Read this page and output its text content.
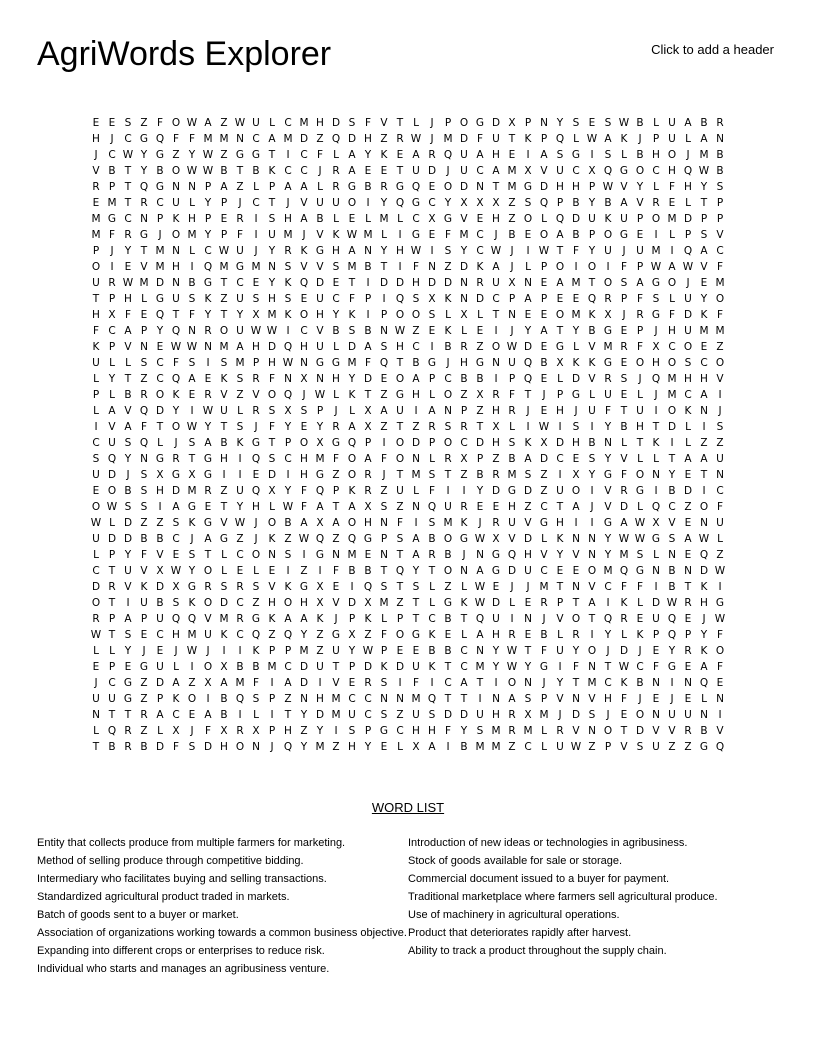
AgriWords Explorer	Click to add a header
E E S Z F O W A Z W U L C M H D S F V T L	J	P O G D X P N Y S E S W B L U A B R
H J	C G Q F F M M N C A M D Z Q D H Z R W J M D F U T K P Q L W A K	J	P U L A N
J	C W Y G Z Y W Z G G T	I	C F L A Y K E A R Q U A H E	I	A S G I	S L B H O J M B
V B T Y B O W W B T B K C C	J	R A E E T U D J	U C A M X V U C X Q G O C H Q W B
R P T Q G N N P A Z L P A A L R G B R G Q E O D N T M G D H H P W V Y L F H Y S
E M T R C U L Y P	J	C T	J	V U U O I	Y Q G C Y X X X Z S Q P B Y B A V R E L T P
M G C N P K H P E R	I	S H A B L E L M L C X G V E H Z O L Q D U K U P O M D P P
M F R G J O M Y P F	I	U M J	V K W M L	I G E F M C	J	B E O A B P O G E	I	L P S V
P	J	Y T M N L C W U	J	Y R K G H A N Y H W I	S Y C W J	I W T F Y U	J	U M I Q A C
O I	E V M H I Q M G M N S V V S M B T	I	F N Z D K A	J	L P O I O I	F P W A W V F
U R W M D N B G T C E Y K Q D E T	I D D H D D N R U X N E A M T O S A G O J	E M
T P H L G U S K Z U S H S E U C F P	I Q S X K N D C P A P E E Q R P F S L U Y O
H X F E Q T F Y T Y X M K O H Y K	I	P O O S L X L T N E E O M K X	J	R G F D K F
F C A P Y Q N R O U W W I	C V B S B N W Z E K L E	I	J	Y A T Y B G E P	J	H U M M
K P V N E W W N M A H D Q H U L D A S H C	I	B R Z O W D E G L V M R F X C O E Z
U L L S C F S	I	S M P H W N G G M F Q T B G J	H G N U Q B X K K G E O H O S C O
L Y T Z C Q A E K S R F N X N H Y D E O A P C B B	I	P Q E L D V R S	J Q M H H V
P L B R O K E R V Z V O Q J W L K T Z G H L O Z X R F T	J	P G L U E L	J M C A	I
L A V Q D Y	I W U L R S X S P	J	L X A U	I	A N P Z H R	J	E H J	U F T U	I O K N	J
I	V A F T O W Y T S	J	F Y E Y R A X Z T Z R S R T X L	I W I	S	I	Y B H T D L	I	S
C U S Q L	J	S A B K G T P O X G Q P	I O D P O C D H S K X D H B N L T K	I	L Z Z
S Q Y N G R T G H I Q S C H M F O A F O N L R X P Z B A D C E S Y V L L T A A U
U D J	S X G X G I	I	E D I	H G Z O R	J	T M S T Z B R M S Z	I	X Y G F O N Y E T N
E O B S H D M R Z U Q X Y F Q P K R Z U L F	I	I	Y D G D Z U O I	V R G I	B D I	C
O W S S	I	A G E T Y H L W F A T A X S Z N Q U R E E H Z C T A	J	V D L Q C Z O F
W L D Z Z S K G V W J O B A X A O H N F	I	S M K	J	R U V G H I	I G A W X V E N U
U D D B B C	J	A G Z	J	K Z W Q Z Q G P S A B O G W X V D L K N N Y W W G S A W L
L P Y F V E S T L C O N S	I G N M E N T A R B	J	N G Q H V Y V N Y M S L N E Q Z
C T U V X W Y O L E L E	I	Z	I	F B B T Q Y T O N A G D U C E E O M Q G N B N D W
D R V K D X G R S R S V K G X E	I Q S T S L Z L W E	J	J M T N V C F F	I	B T K	I
O T	I	U B S K O D C Z H O H X V D X M Z T L G K W D L E R P T A	I	K L D W R H G
R P A P U Q Q V M R G K A A K	J	P K L P T C B T Q U	I	N	J	V O T Q R E U Q E	J W
W T S E C H M U K C Q Z Q Y Z G X Z F O G K E L A H R E B L R	I	Y L K P Q P Y F
L L Y	J	E	J W J	I	I	K P P M Z U Y W P E E B B C N Y W T F U Y O J D J	E Y R K O
E P E G U L	I O X B B M C D U T P D K D U K T C M Y W Y G I	F N T W C F G E A F
J	C G Z D A Z X A M F	I	A D I	V E R S	I	F	I	C A T	I O N	J	Y T M C K B N	I	N Q E
U U G Z P K O I	B Q S P Z N H M C C N N M Q T T	I	N A S P V N V H F	J	E	J	E L N
N T T R A C E A B	I	L	I	T Y D M U C S Z U S D D U H R X M J D S	J	E O N U U N	I
L Q R Z L X	J	F X R X P H Z Y	I	S P G C H H F Y S M R M L R V N O T D V V R B V
T B R B D F S D H O N	J Q Y M Z H Y E L X A	I	B M M Z C L U W Z P V S U Z Z G Q
WORD LIST
Entity that collects produce from multiple farmers for marketing.
Method of selling produce through competitive bidding.
Intermediary who facilitates buying and selling transactions.
Standardized agricultural product traded in markets.
Batch of goods sent to a buyer or market.
Association of organizations working towards a common business objective.
Expanding into different crops or enterprises to reduce risk.
Individual who starts and manages an agribusiness venture.
Introduction of new ideas or technologies in agribusiness.
Stock of goods available for sale or storage.
Commercial document issued to a buyer for payment.
Traditional marketplace where farmers sell agricultural produce.
Use of machinery in agricultural operations.
Product that deteriorates rapidly after harvest.
Ability to track a product throughout the supply chain.
